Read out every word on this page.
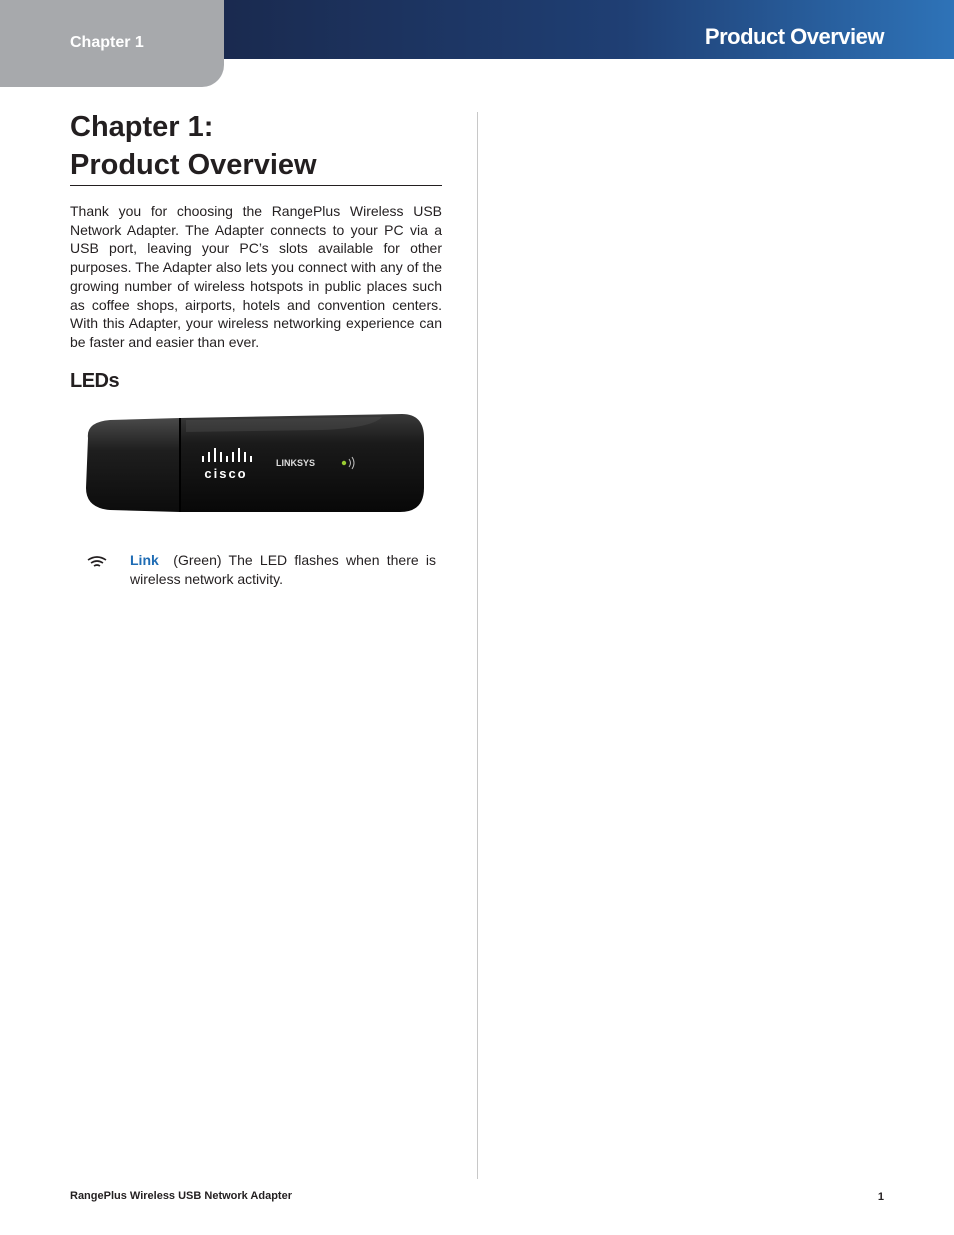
Chapter 1	Product Overview
Chapter 1:
Product Overview

Thank you for choosing the RangePlus Wireless USB Network Adapter. The Adapter connects to your PC via a USB port, leaving your PC’s slots available for other purposes. The Adapter also lets you connect with any of the growing number of wireless hotspots in public places such as coffee shops, airports, hotels and convention centers. With this Adapter, your wireless networking experience can be faster and easier than ever.

LEDs
cisco
LINKSYS

Link (Green) The LED flashes when there is wireless network activity.

RangePlus Wireless USB Network Adapter	1
